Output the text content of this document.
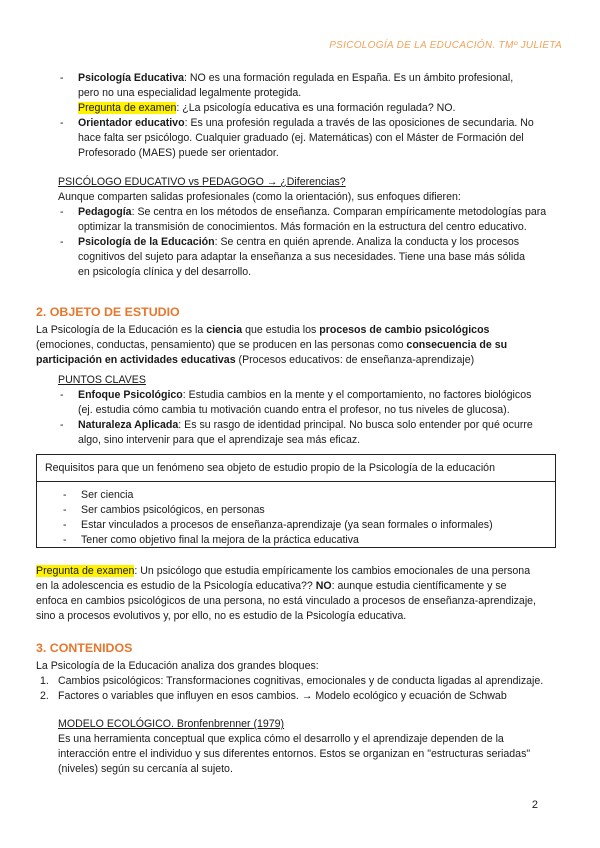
PSICOLOGÍA DE LA EDUCACIÓN. TMº JULIETA
-	Psicología Educativa: NO es una formación regulada en España. Es un ámbito profesional,
pero no una especialidad legalmente protegida.
Pregunta de examen: ¿La psicología educativa es una formación regulada? NO.
-	Orientador educativo: Es una profesión regulada a través de las oposiciones de secundaria. No
hace falta ser psicólogo. Cualquier graduado (ej. Matemáticas) con el Máster de Formación del
Profesorado (MAES) puede ser orientador.
PSICÓLOGO EDUCATIVO vs PEDAGOGO → ¿Diferencias?
Aunque comparten salidas profesionales (como la orientación), sus enfoques difieren:
-	Pedagogía: Se centra en los métodos de enseñanza. Comparan empíricamente metodologías para
optimizar la transmisión de conocimientos. Más formación en la estructura del centro educativo.
-	Psicología de la Educación: Se centra en quién aprende. Analiza la conducta y los procesos
cognitivos del sujeto para adaptar la enseñanza a sus necesidades. Tiene una base más sólida
en psicología clínica y del desarrollo.
2. OBJETO DE ESTUDIO
La Psicología de la Educación es la ciencia que estudia los procesos de cambio psicológicos
(emociones, conductas, pensamiento) que se producen en las personas como consecuencia de su
participación en actividades educativas (Procesos educativos: de enseñanza-aprendizaje)
PUNTOS CLAVES
-	Enfoque Psicológico: Estudia cambios en la mente y el comportamiento, no factores biológicos
(ej. estudia cómo cambia tu motivación cuando entra el profesor, no tus niveles de glucosa).
-	Naturaleza Aplicada: Es su rasgo de identidad principal. No busca solo entender por qué ocurre
algo, sino intervenir para que el aprendizaje sea más eficaz.
Requisitos para que un fenómeno sea objeto de estudio propio de la Psicología de la educación
- Ser ciencia
- Ser cambios psicológicos, en personas
- Estar vinculados a procesos de enseñanza-aprendizaje (ya sean formales o informales)
- Tener como objetivo final la mejora de la práctica educativa
Pregunta de examen: Un psicólogo que estudia empíricamente los cambios emocionales de una persona
en la adolescencia es estudio de la Psicología educativa?? NO: aunque estudia científicamente y se
enfoca en cambios psicológicos de una persona, no está vinculado a procesos de enseñanza-aprendizaje,
sino a procesos evolutivos y, por ello, no es estudio de la Psicología educativa.
3. CONTENIDOS
La Psicología de la Educación analiza dos grandes bloques:
1. Cambios psicológicos: Transformaciones cognitivas, emocionales y de conducta ligadas al aprendizaje.
2. Factores o variables que influyen en esos cambios. → Modelo ecológico y ecuación de Schwab
MODELO ECOLÓGICO. Bronfenbrenner (1979)
Es una herramienta conceptual que explica cómo el desarrollo y el aprendizaje dependen de la
interacción entre el individuo y sus diferentes entornos. Estos se organizan en "estructuras seriadas"
(niveles) según su cercanía al sujeto.
2
